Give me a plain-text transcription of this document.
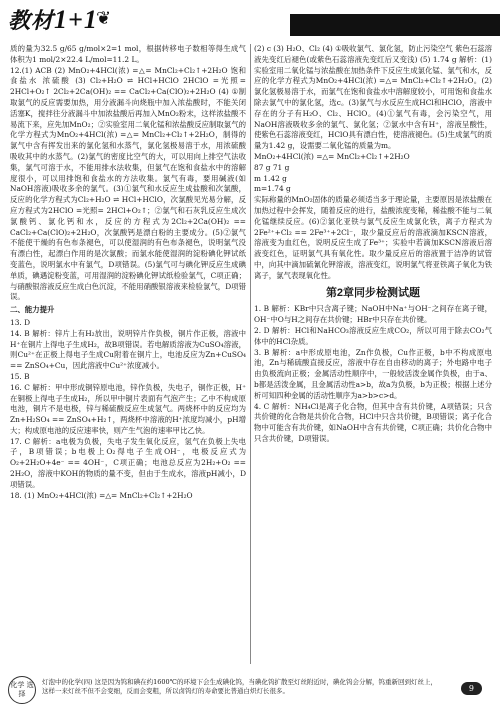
教材1+1
❦

质的量为32.5 g/65 g/mol×2=1 mol，根据转移电子数相等得生成气体积为1 mol/2×22.4 L/mol=11.2 L。

12.(1) ACB (2) MnO₂+4HCl(浓) =△= MnCl₂+Cl₂↑+2H₂O 饱和食盐水 浓硫酸 (3) Cl₂+H₂O ⇌ HCl+HClO 2HClO =光照= 2HCl+O₂↑ 2Cl₂+2Ca(OH)₂ == CaCl₂+Ca(ClO)₂+2H₂O (4) ①制取氯气的反应需要加热，用分液漏斗向烧瓶中加入浓盐酸时，不能关闭活塞K，搅拌往分液漏斗中加浓盐酸后再加入MnO₂粉末，这样浓盐酸不易流下来，应先加MnO₂；②实验室用二氧化锰和浓盐酸反应制取氯气的化学方程式为MnO₂+4HCl(浓) =△= MnCl₂+Cl₂↑+2H₂O，制得的氯气中含有挥发出来的氯化氢和水蒸气，氯化氢极易溶于水，用浓硫酸吸收其中的水蒸气。(2)氯气的密度比空气的大，可以用向上排空气法收集，氯气可溶于水，不能用排水法收集，但氯气在饱和食盐水中的溶解度很小，可以用排饱和食盐水的方法收集。氯气有毒，要用碱液(如NaOH溶液)吸收多余的氯气。(3)①氯气和水反应生成盐酸和次氯酸，反应的化学方程式为Cl₂+H₂O ⇌ HCl+HClO，次氯酸见光易分解，反应方程式为2HClO =光照= 2HCl+O₂↑；②氯气和石灰乳反应生成次氯酸钙、氯化钙和水，反应的方程式为2Cl₂+2Ca(OH)₂ == CaCl₂+Ca(ClO)₂+2H₂O，次氯酸钙是漂白粉的主要成分。(5)②氯气不能使干燥的有色布条褪色，可以使湿润的有色布条褪色，说明氯气没有漂白性，起漂白作用的是次氯酸；而氯水能使湿润的淀粉碘化钾试纸变蓝色，说明氯水中有氯气，D项错误。(5)氯气可与碘化钾反应生成碘单质，碘遇淀粉变蓝，可用湿润的淀粉碘化钾试纸检验氯气，C项正确；与硝酸银溶液反应生成白色沉淀，不能用硝酸银溶液来检验氯气，D项错误。

二、能力提升

13. D

14. B 解析：锌片上有H₂放出，说明锌片作负极，铜片作正极，溶液中H⁺在铜片上得电子生成H₂，故B项错误。若电解质溶液为CuSO₄溶液，则Cu²⁺在正极上得电子生成Cu附着在铜片上，电池反应为Zn+CuSO₄ == ZnSO₄+Cu，因此溶液中Cu²⁺浓度减小。

15. B

16. C 解析：甲中形成铜锌原电池，锌作负极，失电子，铜作正极，H⁺在铜极上得电子生成H₂，所以甲中铜片表面有气泡产生；乙中不构成原电池，铜片不是电极，锌与稀硫酸反应生成氢气。两烧杯中的反应均为Zn+H₂SO₄ == ZnSO₄+H₂↑，两烧杯中溶液的H⁺浓度均减小，pH增大；构成原电池的反应速率快，则产生气泡的速率甲比乙快。

17. C 解析：a电极为负极，失电子发生氧化反应，氢气在负极上失电子，B项错误；b电极上O₂得电子生成OH⁻，电极反应式为O₂+2H₂O+4e⁻ == 4OH⁻，C项正确；电池总反应为2H₂+O₂ == 2H₂O，溶液中KOH的物质的量不变，但由于生成水，溶液pH减小，D项错误。

18. (1) MnO₂+4HCl(浓) =△= MnCl₂+Cl₂↑+2H₂O

(2) c (3) H₂O、Cl₂ (4) ①吸收氯气、氯化氢，防止污染空气 紫色石蕊溶液先变红后褪色(或紫色石蕊溶液先变红后又变浅) (5) 1.74 g 解析：(1)实验室用二氧化锰与浓盐酸在加热条件下反应生成氯化锰、氯气和水，反应的化学方程式为MnO₂+4HCl(浓) =△= MnCl₂+Cl₂↑+2H₂O。(2)氯化氢极易溶于水，而氯气在饱和食盐水中溶解度较小，可用饱和食盐水除去氯气中的氯化氢，选c。(3)氯气与水反应生成HCl和HClO，溶液中存在的分子有H₂O、Cl₂、HClO。(4)①氯气有毒，会污染空气，用NaOH溶液吸收多余的氯气、氯化氢；②氯水中含有H⁺，溶液呈酸性，使紫色石蕊溶液变红，HClO具有漂白性，使溶液褪色。(5)生成氯气的质量为1.42 g，设需要二氧化锰的质量为m。

MnO₂+4HCl(浓) =△= MnCl₂+Cl₂↑+2H₂O

87 g 71 g

m 1.42 g

m=1.74 g

实际称量的MnO₂固体的质量必须适当多于理论量，主要原因是浓盐酸在加热过程中会挥发，随着反应的进行，盐酸浓度变稀，稀盐酸不能与二氧化锰继续反应。(6)②氯化亚铁与氯气反应生成氯化铁，离子方程式为2Fe²⁺+Cl₂ == 2Fe³⁺+2Cl⁻，取少量反应后的溶液滴加KSCN溶液，溶液变为血红色，说明反应生成了Fe³⁺；实验中若滴加KSCN溶液后溶液变红色，证明氯气具有氧化性。取少量反应后的溶液置于洁净的试管中，向其中滴加硫氰化钾溶液，溶液变红，说明氯气将亚铁离子氧化为铁离子，氯气表现氧化性。

第2章同步检测试题

1. B 解析：KBr中只含离子键；NaOH中Na⁺与OH⁻之间存在离子键，OH⁻中O与H之间存在共价键；HBr中只存在共价键。

2. D 解析：HCl和NaHCO₃溶液反应生成CO₂，所以可用于除去CO₂气体中的HCl杂质。

3. B 解析：a中形成原电池，Zn作负极，Cu作正极，b中不构成原电池，Zn与稀硫酸直接反应，溶液中存在自由移动的离子；外电路中电子由负极流向正极；金属活动性顺序中，一般较活泼金属作负极，由于a、b都是活泼金属，且金属活动性a>b，故a为负极，b为正极；根据上述分析可知四种金属的活动性顺序为a>b>c>d。

4. C 解析：NH₄Cl是离子化合物，但其中含有共价键，A项错误；只含共价键的化合物是共价化合物，HCl中只含共价键，B项错误；离子化合物中可能含有共价键，如NaOH中含有共价键，C项正确；共价化合物中只含共价键，D项错误。

化学 选择
灯泡中的化学(四) 这是因为钨和碘在约1600℃的环境下会生成碘化钨，当碘化钨扩散至灯丝附近时，碘化钨会分解，钨重新回到灯丝上，这样一来灯丝不但不会变细，反而会变粗，所以卤钨灯的寿命要比普通白炽灯长很多。	9
